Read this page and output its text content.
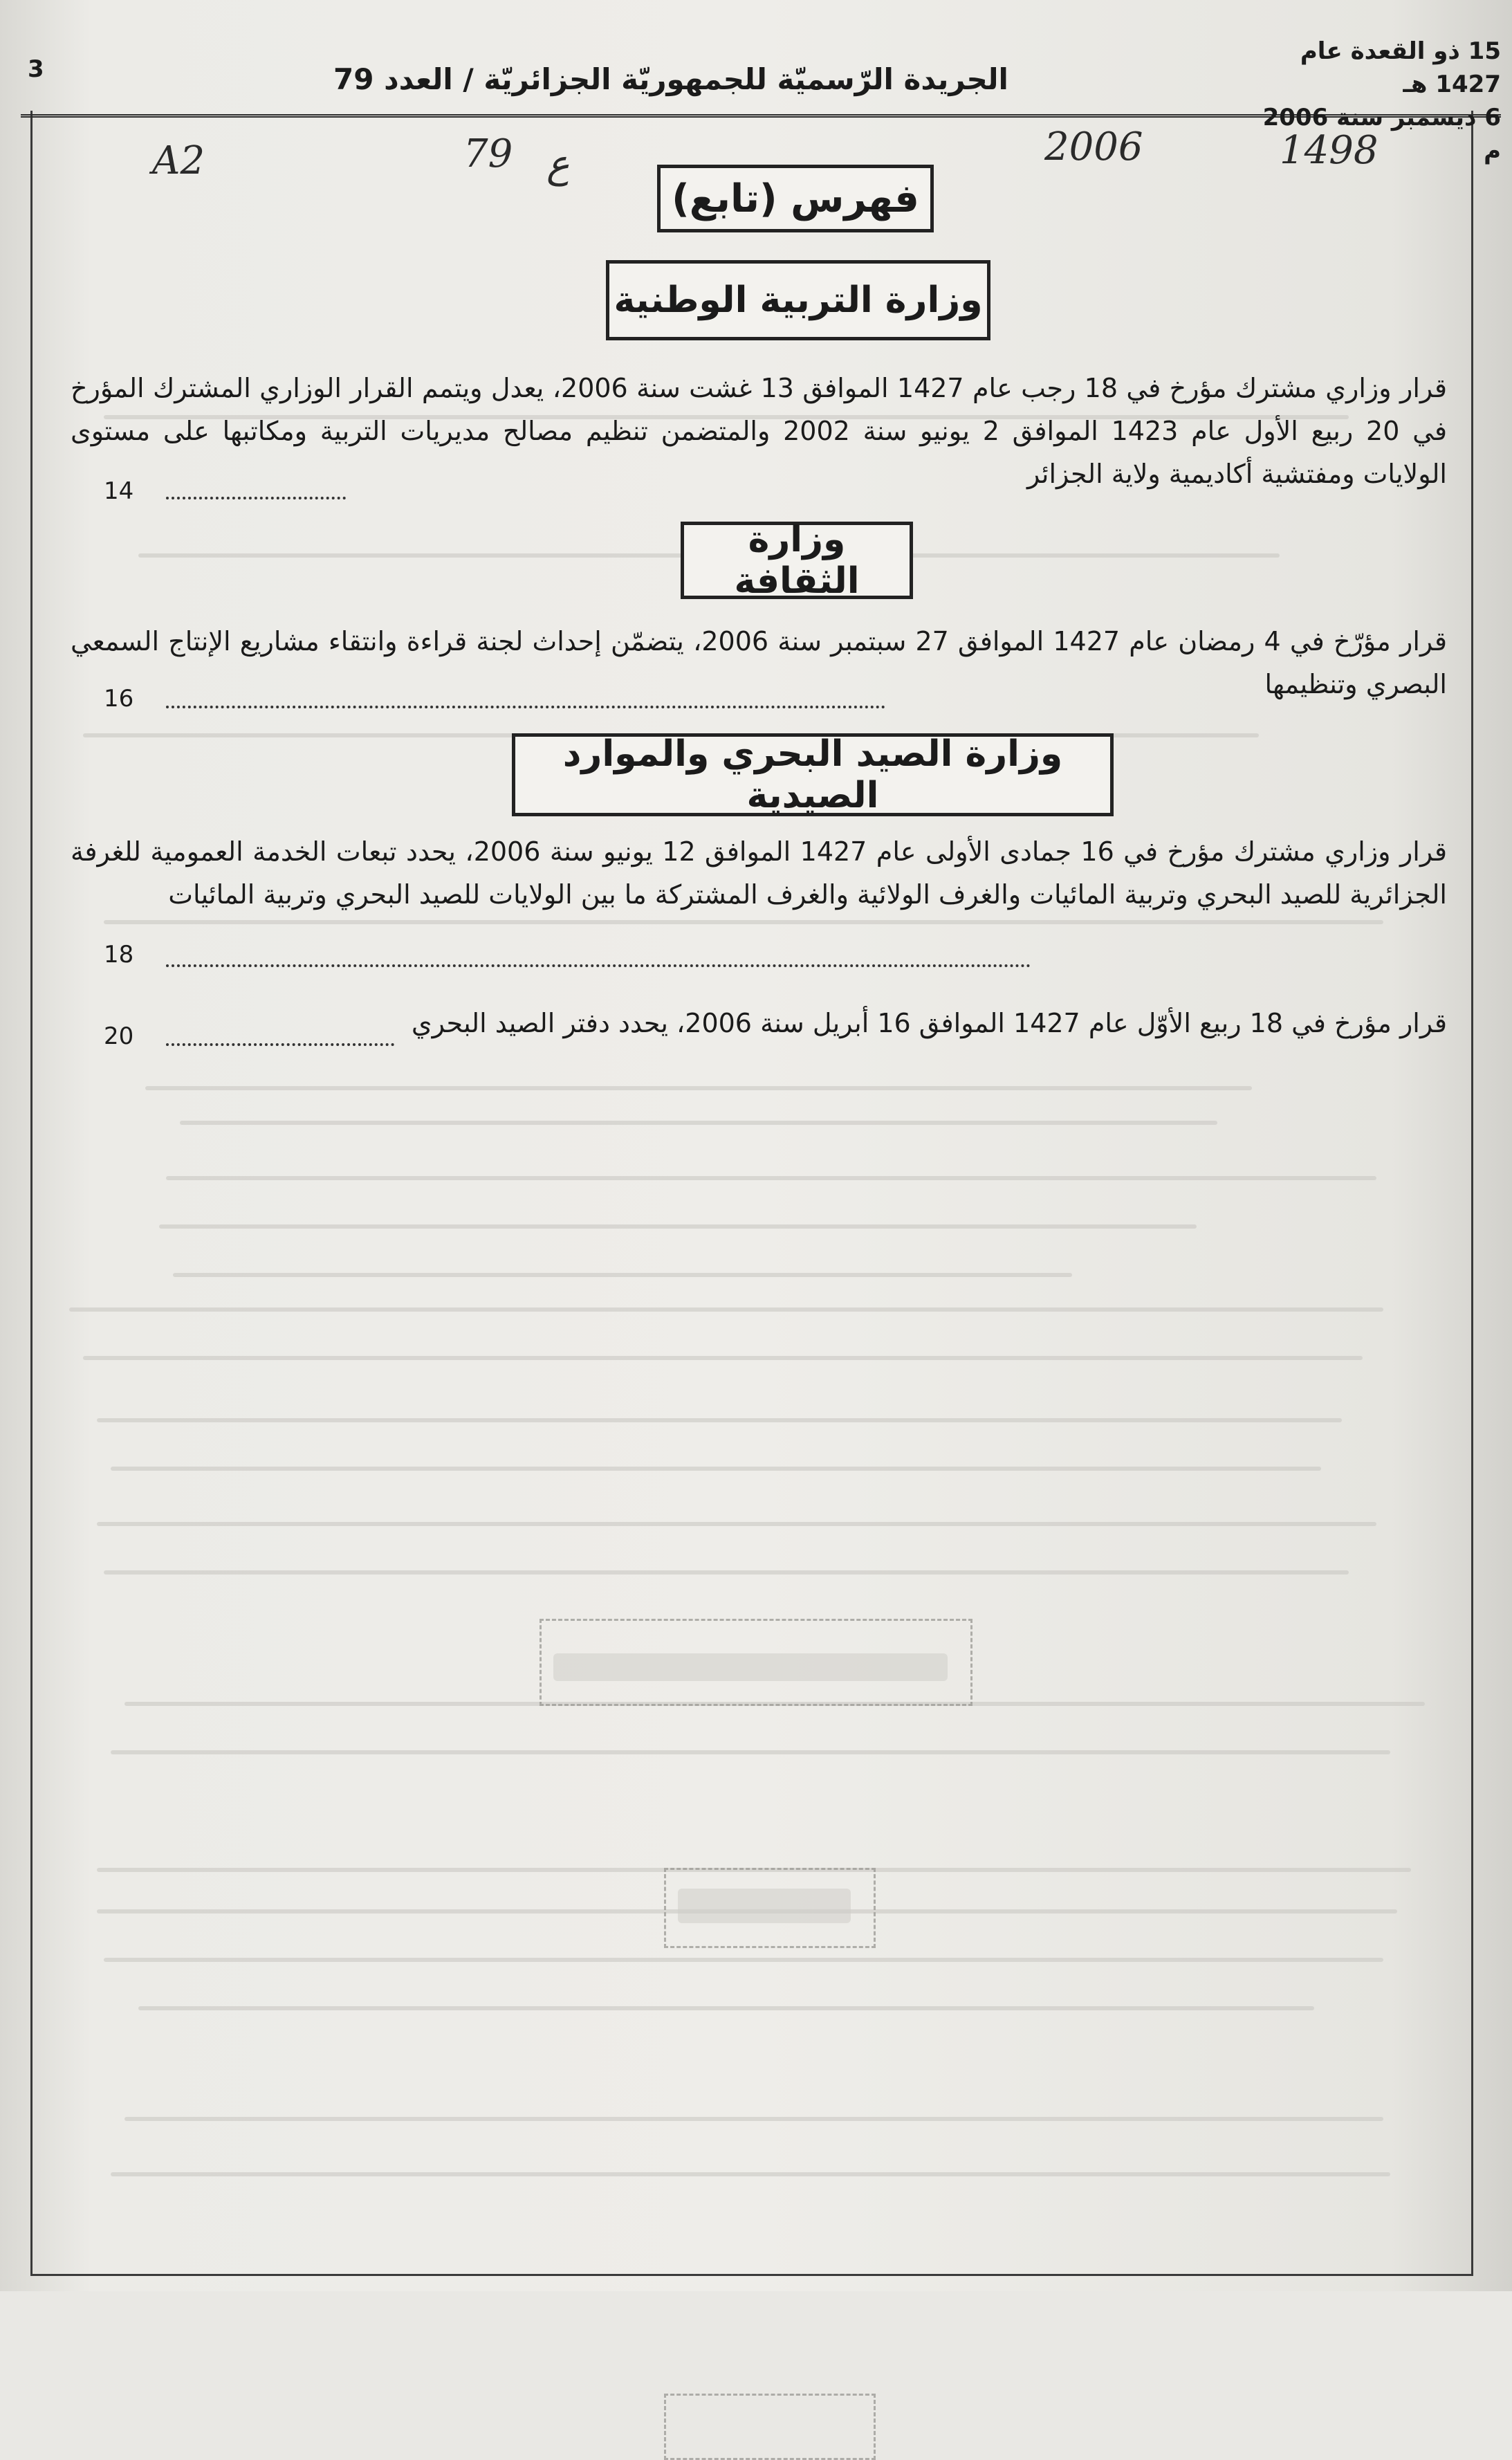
3	الجريدة الرّسميّة للجمهوريّة الجزائريّة / العدد 79
15 ذو القعدة عام 1427 هـ
6 ديسمبر سنة 2006 م
A2	79 ع	2006	1498
فهرس (تابع)
وزارة التربية الوطنية
قرار وزاري مشترك مؤرخ في 18 رجب عام 1427 الموافق 13 غشت سنة 2006، يعدل ويتمم القرار الوزاري المشترك المؤرخ في 20 ربيع الأول عام 1423 الموافق 2 يونيو سنة 2002 والمتضمن تنظيم مصالح مديريات التربية ومكاتبها على مستوى الولايات ومفتشية أكاديمية ولاية الجزائر
14
وزارة الثقافة
قرار مؤرّخ في 4 رمضان عام 1427 الموافق 27 سبتمبر سنة 2006، يتضمّن إحداث لجنة قراءة وانتقاء مشاريع الإنتاج السمعي البصري وتنظيمها
16
وزارة الصيد البحري والموارد الصيدية
قرار وزاري مشترك مؤرخ في 16 جمادى الأولى عام 1427 الموافق 12 يونيو سنة 2006، يحدد تبعات الخدمة العمومية للغرفة الجزائرية للصيد البحري وتربية المائيات والغرف الولائية والغرف المشتركة ما بين الولايات للصيد البحري وتربية المائيات
18
قرار مؤرخ في 18 ربيع الأوّل عام 1427 الموافق 16 أبريل سنة 2006، يحدد دفتر الصيد البحري
20
